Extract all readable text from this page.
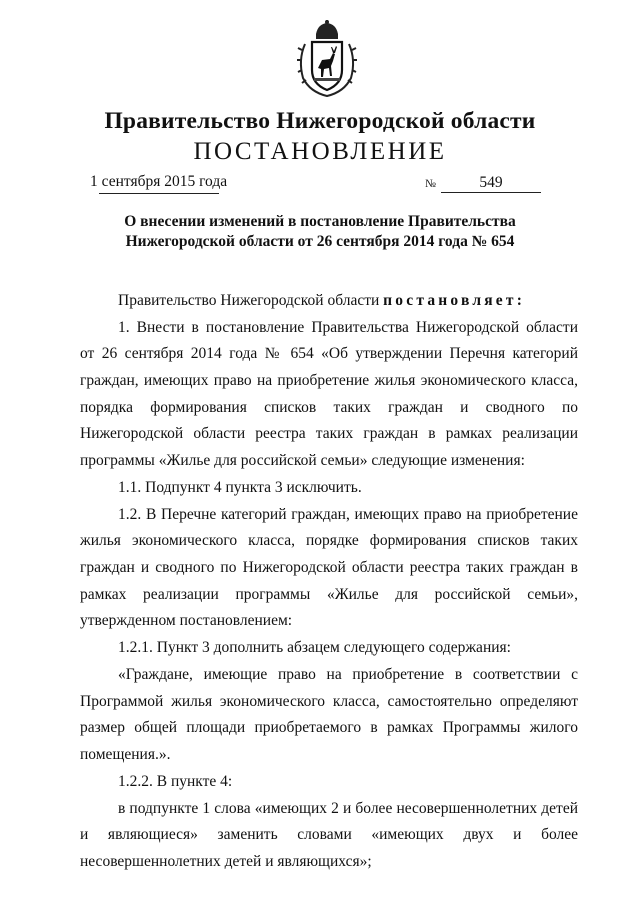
Правительство Нижегородской области
ПОСТАНОВЛЕНИЕ
1 сентября 2015 года	№	549
О внесении изменений в постановление Правительства
Нижегородской области от 26 сентября 2014 года № 654
Правительство Нижегородской области постановляет:
1. Внести в постановление Правительства Нижегородской области
от 26 сентября 2014 года № 654 «Об утверждении Перечня категорий
граждан, имеющих право на приобретение жилья экономического класса,
порядка формирования списков таких граждан и сводного по
Нижегородской области реестра таких граждан в рамках реализации
программы «Жилье для российской семьи» следующие изменения:
1.1. Подпункт 4 пункта 3 исключить.
1.2. В Перечне категорий граждан, имеющих право на приобретение
жилья экономического класса, порядке формирования списков таких
граждан и сводного по Нижегородской области реестра таких граждан в
рамках реализации программы «Жилье для российской семьи»,
утвержденном постановлением:
1.2.1. Пункт 3 дополнить абзацем следующего содержания:
«Граждане, имеющие право на приобретение в соответствии с
Программой жилья экономического класса, самостоятельно определяют
размер общей площади приобретаемого в рамках Программы жилого
помещения.».
1.2.2. В пункте 4:
в подпункте 1 слова «имеющих 2 и более несовершеннолетних детей
и являющиеся» заменить словами «имеющих двух и более
несовершеннолетних детей и являющихся»;
